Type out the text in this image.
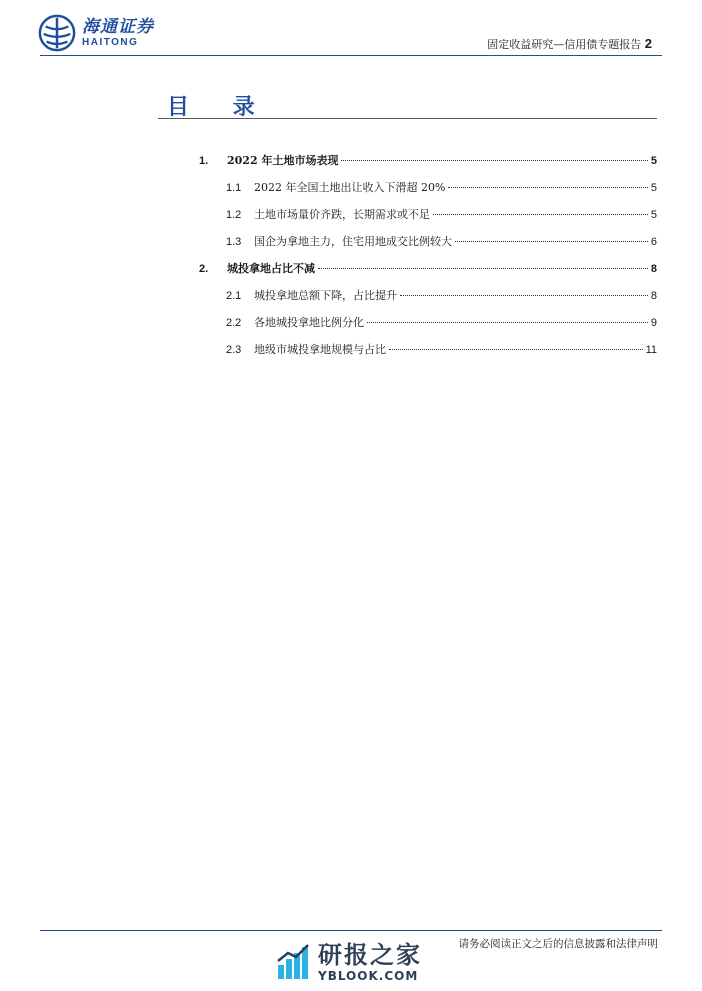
海通证券
HAITONG	固定收益研究—信用债专题报告 2
目 录
1.	2022 年土地市场表现	5
1.1	2022 年全国土地出让收入下滑超 20%	5
1.2	土地市场量价齐跌，长期需求或不足	5
1.3	国企为拿地主力，住宅用地成交比例较大	6
2.	城投拿地占比不减	8
2.1	城投拿地总额下降，占比提升	8
2.2	各地城投拿地比例分化	9
2.3	地级市城投拿地规模与占比	11
请务必阅读正文之后的信息披露和法律声明
研报之家
YBLOOK.COM
